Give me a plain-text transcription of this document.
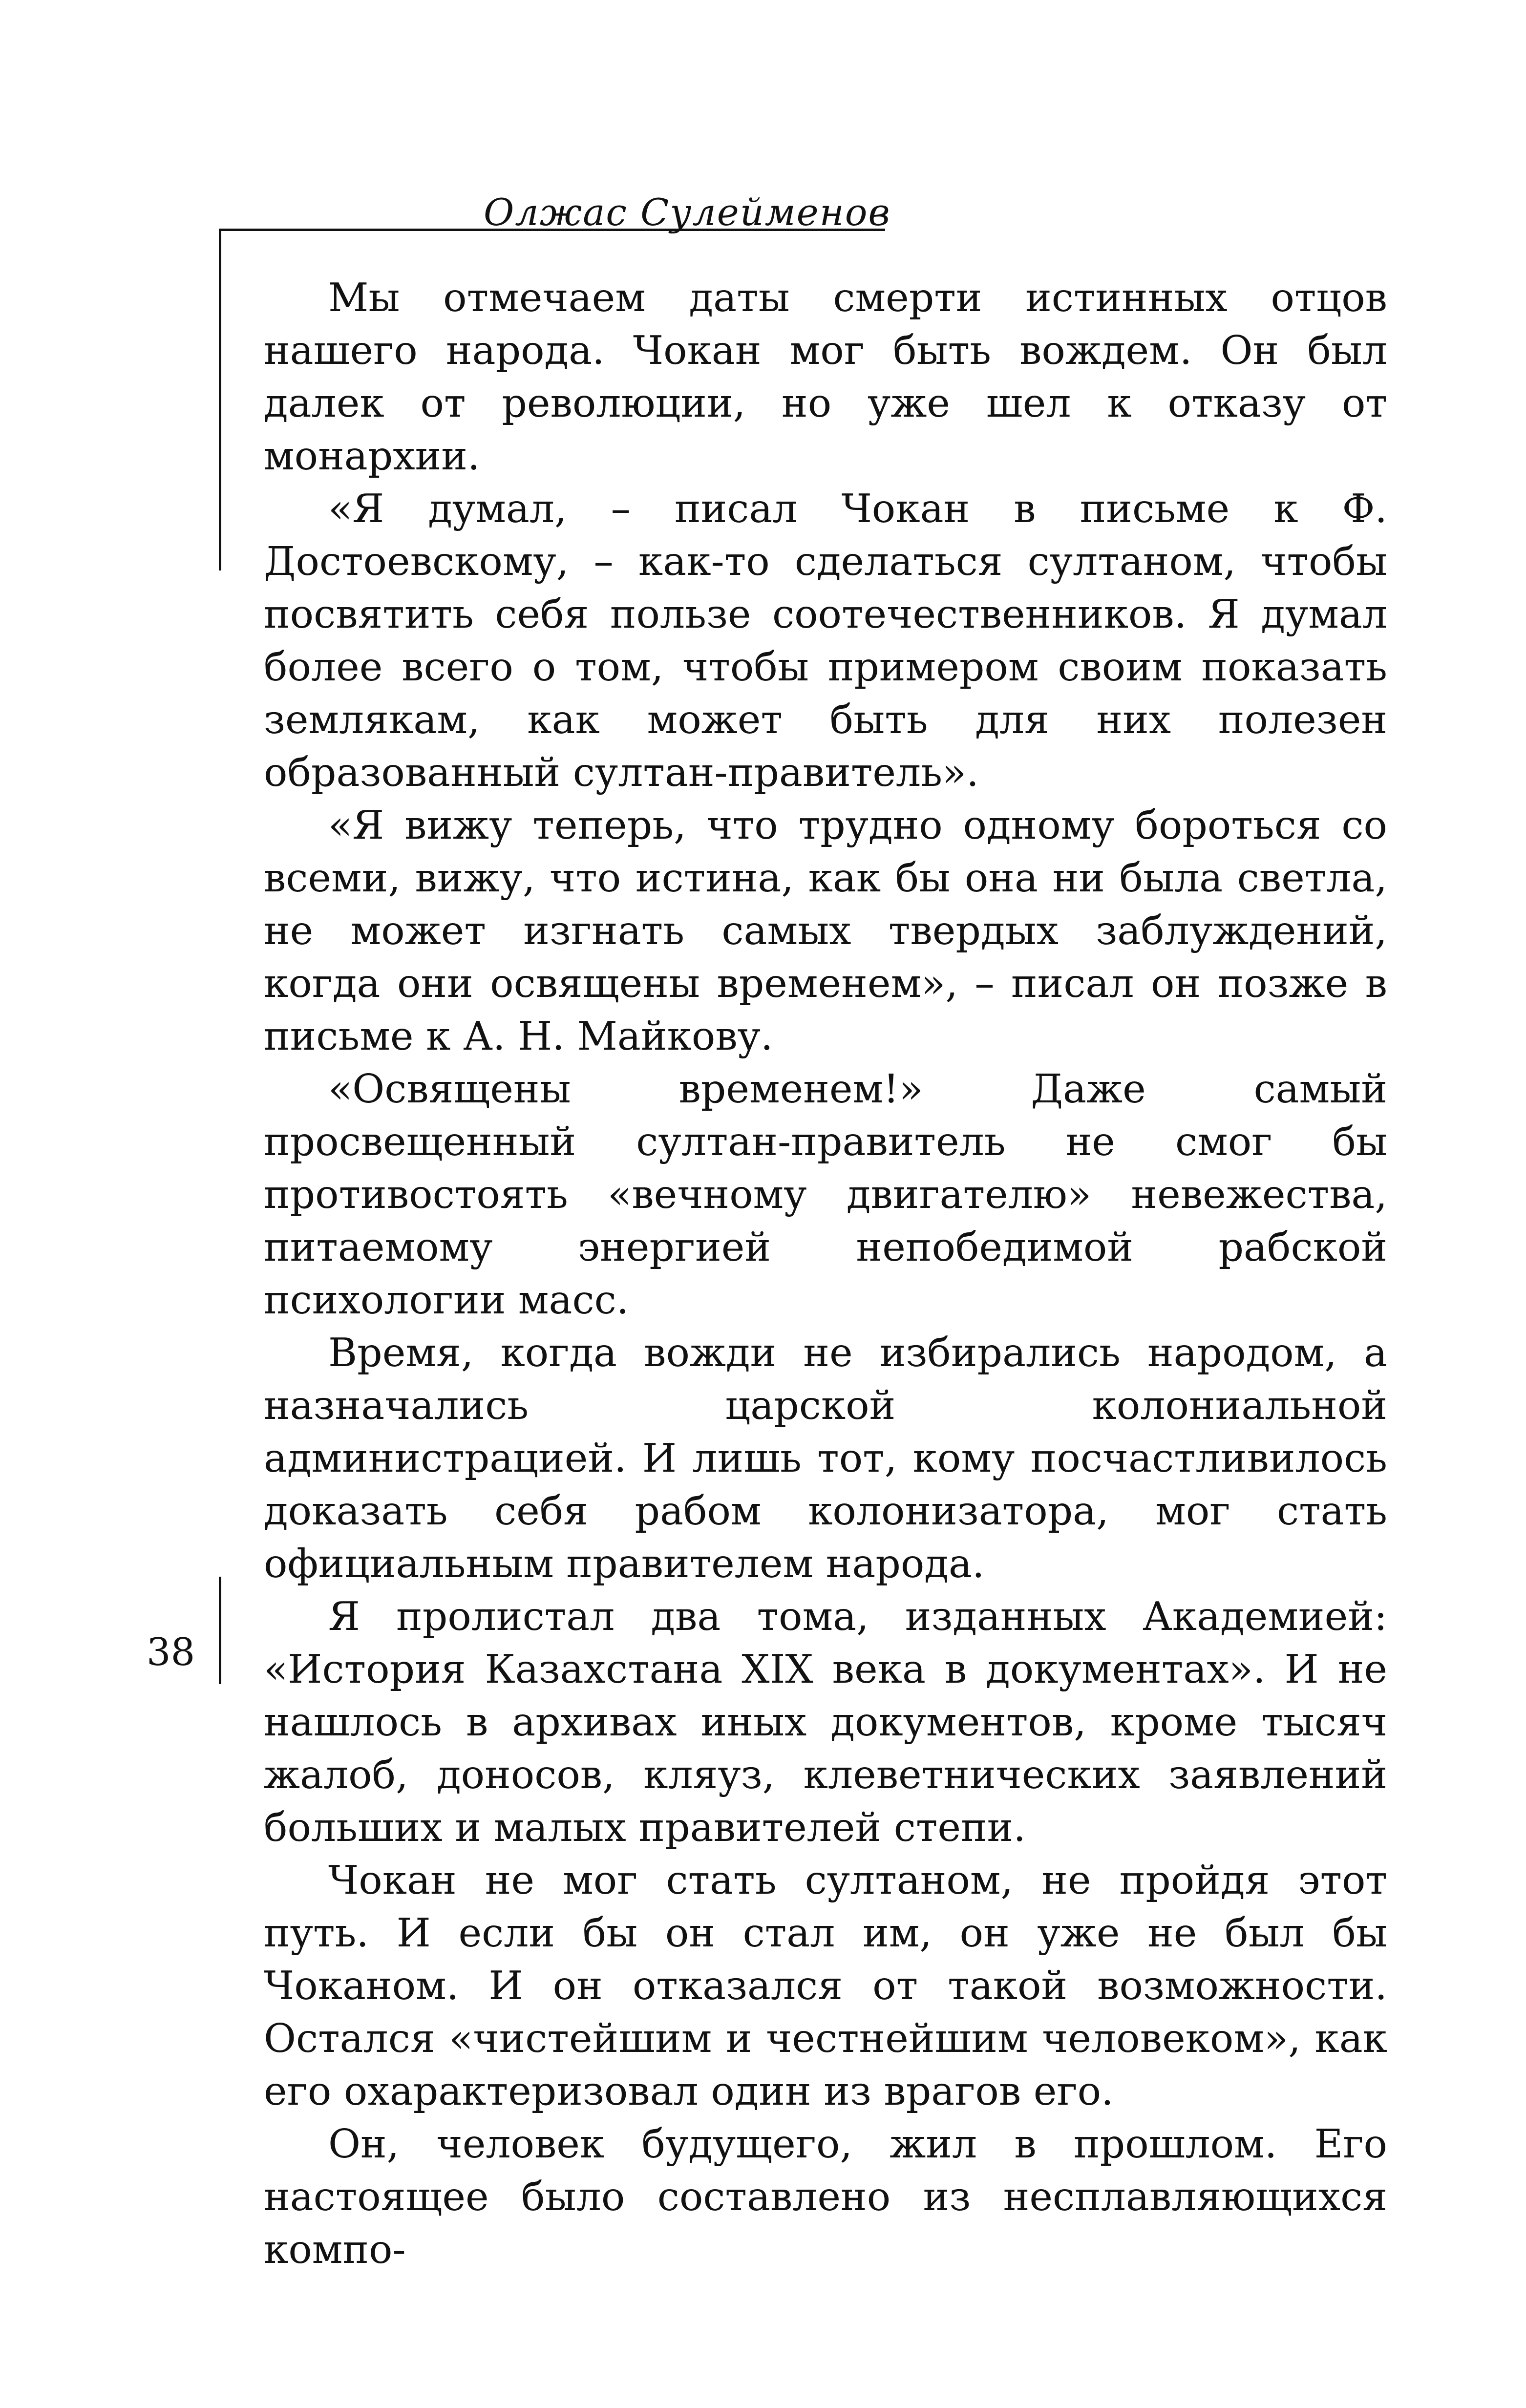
Олжас Сулейменов

Мы отмечаем даты смерти истинных отцов нашего народа. Чокан мог быть вождем. Он был далек от революции, но уже шел к отказу от монархии.

«Я думал, – писал Чокан в письме к Ф. Достоевскому, – как-то сделаться султаном, чтобы посвятить себя пользе соотечественников. Я думал более всего о том, чтобы примером своим показать землякам, как может быть для них полезен образованный султан-правитель».

«Я вижу теперь, что трудно одному бороться со всеми, вижу, что истина, как бы она ни была светла, не может изгнать самых твердых заблуждений, когда они освящены временем», – писал он позже в письме к А. Н. Майкову.

«Освящены временем!» Даже самый просвещенный султан-правитель не смог бы противостоять «вечному двигателю» невежества, питаемому энергией непобедимой рабской психологии масс.

Время, когда вожди не избирались народом, а назначались царской колониальной администрацией. И лишь тот, кому посчастливилось доказать себя рабом колонизатора, мог стать официальным правителем народа.

Я пролистал два тома, изданных Академией: «История Казахстана XIX века в документах». И не нашлось в архивах иных документов, кроме тысяч жалоб, доносов, кляуз, клеветнических заявлений больших и малых правителей степи.

Чокан не мог стать султаном, не пройдя этот путь. И если бы он стал им, он уже не был бы Чоканом. И он отказался от такой возможности. Остался «чистейшим и честнейшим человеком», как его охарактеризовал один из врагов его.

Он, человек будущего, жил в прошлом. Его настоящее было составлено из несплавляющихся компо-

38
